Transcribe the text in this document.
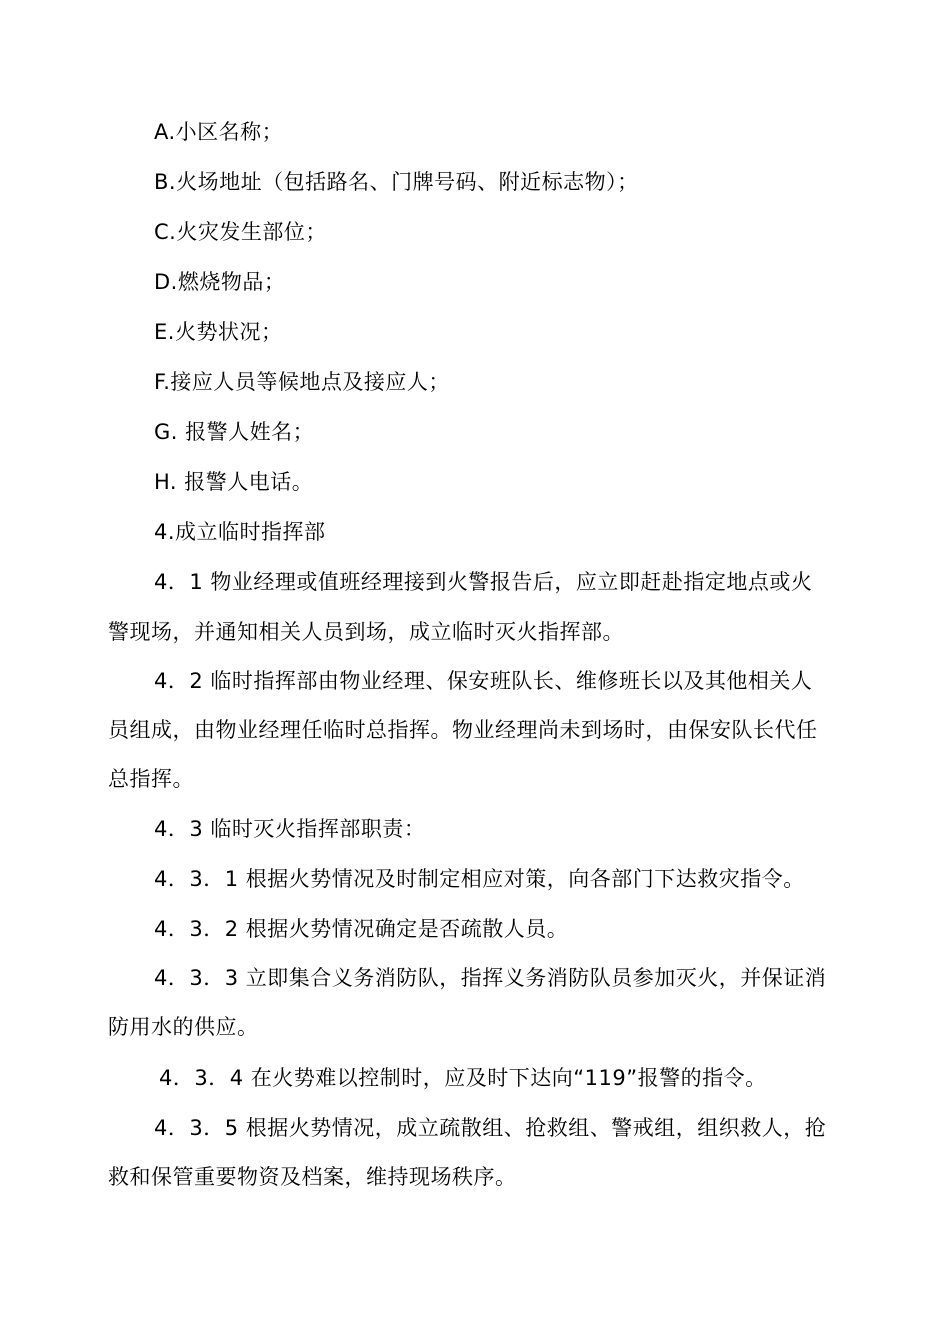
A.小区名称；
B.火场地址（包括路名、门牌号码、附近标志物）；
C.火灾发生部位；
D.燃烧物品；
E.火势状况；
F.接应人员等候地点及接应人；
G. 报警人姓名；
H. 报警人电话。
4.成立临时指挥部
4．1 物业经理或值班经理接到火警报告后，应立即赶赴指定地点或火
警现场，并通知相关人员到场，成立临时灭火指挥部。
4．2 临时指挥部由物业经理、保安班队长、维修班长以及其他相关人
员组成，由物业经理任临时总指挥。物业经理尚未到场时，由保安队长代任
总指挥。
4．3 临时灭火指挥部职责：
4．3．1 根据火势情况及时制定相应对策，向各部门下达救灾指令。
4．3．2 根据火势情况确定是否疏散人员。
4．3．3 立即集合义务消防队，指挥义务消防队员参加灭火，并保证消
防用水的供应。
4．3．4 在火势难以控制时，应及时下达向“119”报警的指令。
4．3．5 根据火势情况，成立疏散组、抢救组、警戒组，组织救人，抢
救和保管重要物资及档案，维持现场秩序。
